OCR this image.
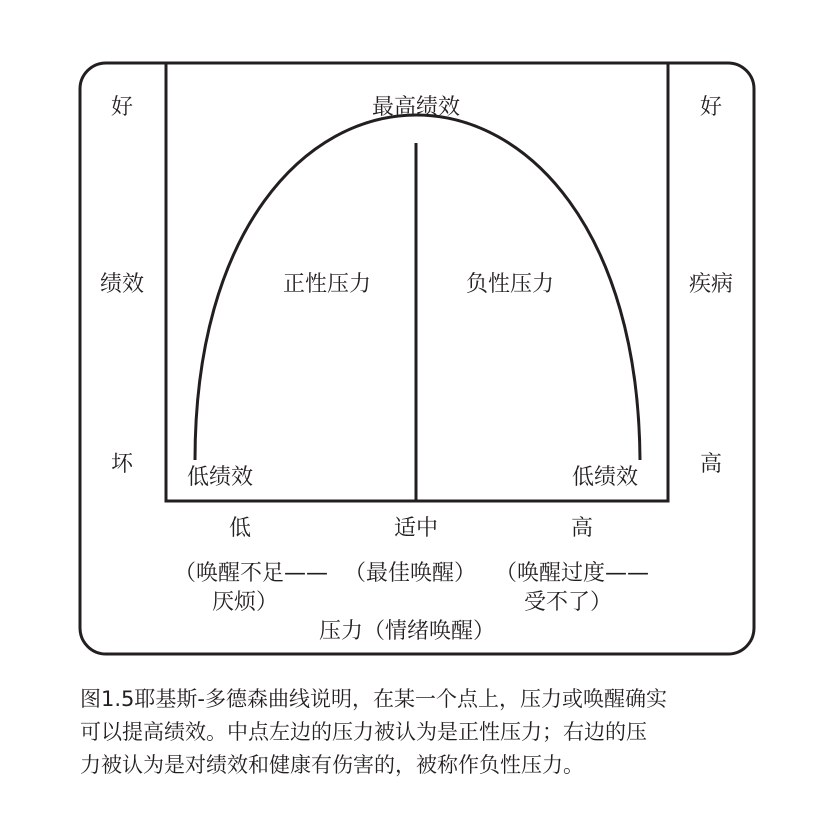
最高绩效
好
绩效
坏
好
疾病
高
正性压力	负性压力
低绩效	低绩效
低	适中	高
（唤醒不足——
厌烦）
（最佳唤醒） （唤醒过度——
受不了）
压力（情绪唤醒）

图1.5耶基斯-多德森曲线说明，在某一个点上，压力或唤醒确实

可以提高绩效。中点左边的压力被认为是正性压力；右边的压

力被认为是对绩效和健康有伤害的，被称作负性压力。
